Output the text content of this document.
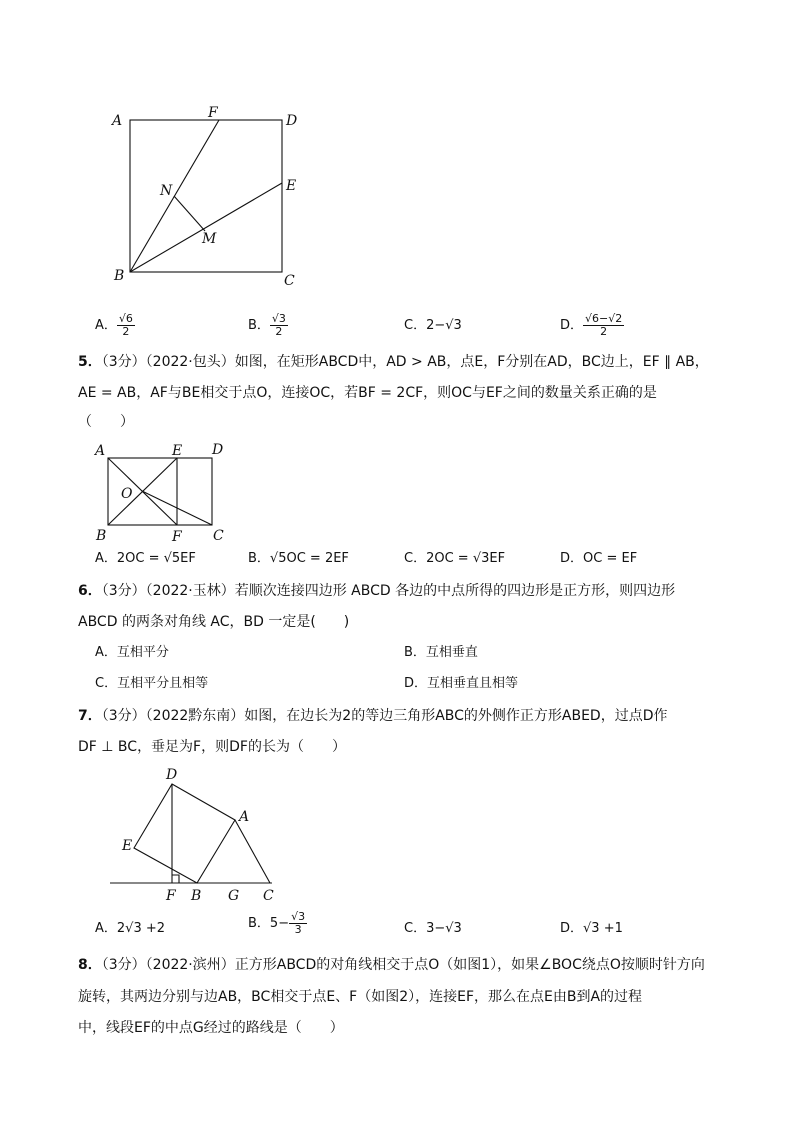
A	F	D
E
N
M
B	C
A． $\frac{√6}{2}$	B． $\frac{√3}{2}$	C．2−√3	D． $\frac{√6-√2}{2}$
5．（3分）（2022·包头）如图，在矩形ABCD中，AD > AB，点E，F分别在AD，BC边上，EF ∥ AB，
AE = AB，AF与BE相交于点O，连接OC，若BF = 2CF，则OC与EF之间的数量关系正确的是
（　　）
A	E D
O
B	F C
A．2OC = √5EF	B．√5OC = 2EF	C．2OC = √3EF	D．OC = EF
6．（3分）（2022·玉林）若顺次连接四边形 ABCD 各边的中点所得的四边形是正方形，则四边形
ABCD 的两条对角线 AC，BD 一定是(　　)
A．互相平分	B．互相垂直
C．互相平分且相等	D．互相垂直且相等
7．（3分）（2022黔东南）如图，在边长为2的等边三角形ABC的外侧作正方形ABED，过点D作
DF ⊥ BC，垂足为F，则DF的长为（　　）
D
A
E
F B G C
A．2√3 +2	B．$5- \frac{√3}{3}$	C．3−√3	D．√3 +1
8．（3分）（2022·滨州）正方形ABCD的对角线相交于点O（如图1），如果∠BOC绕点O按顺时针方向
旋转，其两边分别与边AB，BC相交于点E、F（如图2），连接EF，那么在点E由B到A的过程
中，线段EF的中点G经过的路线是（　　）
